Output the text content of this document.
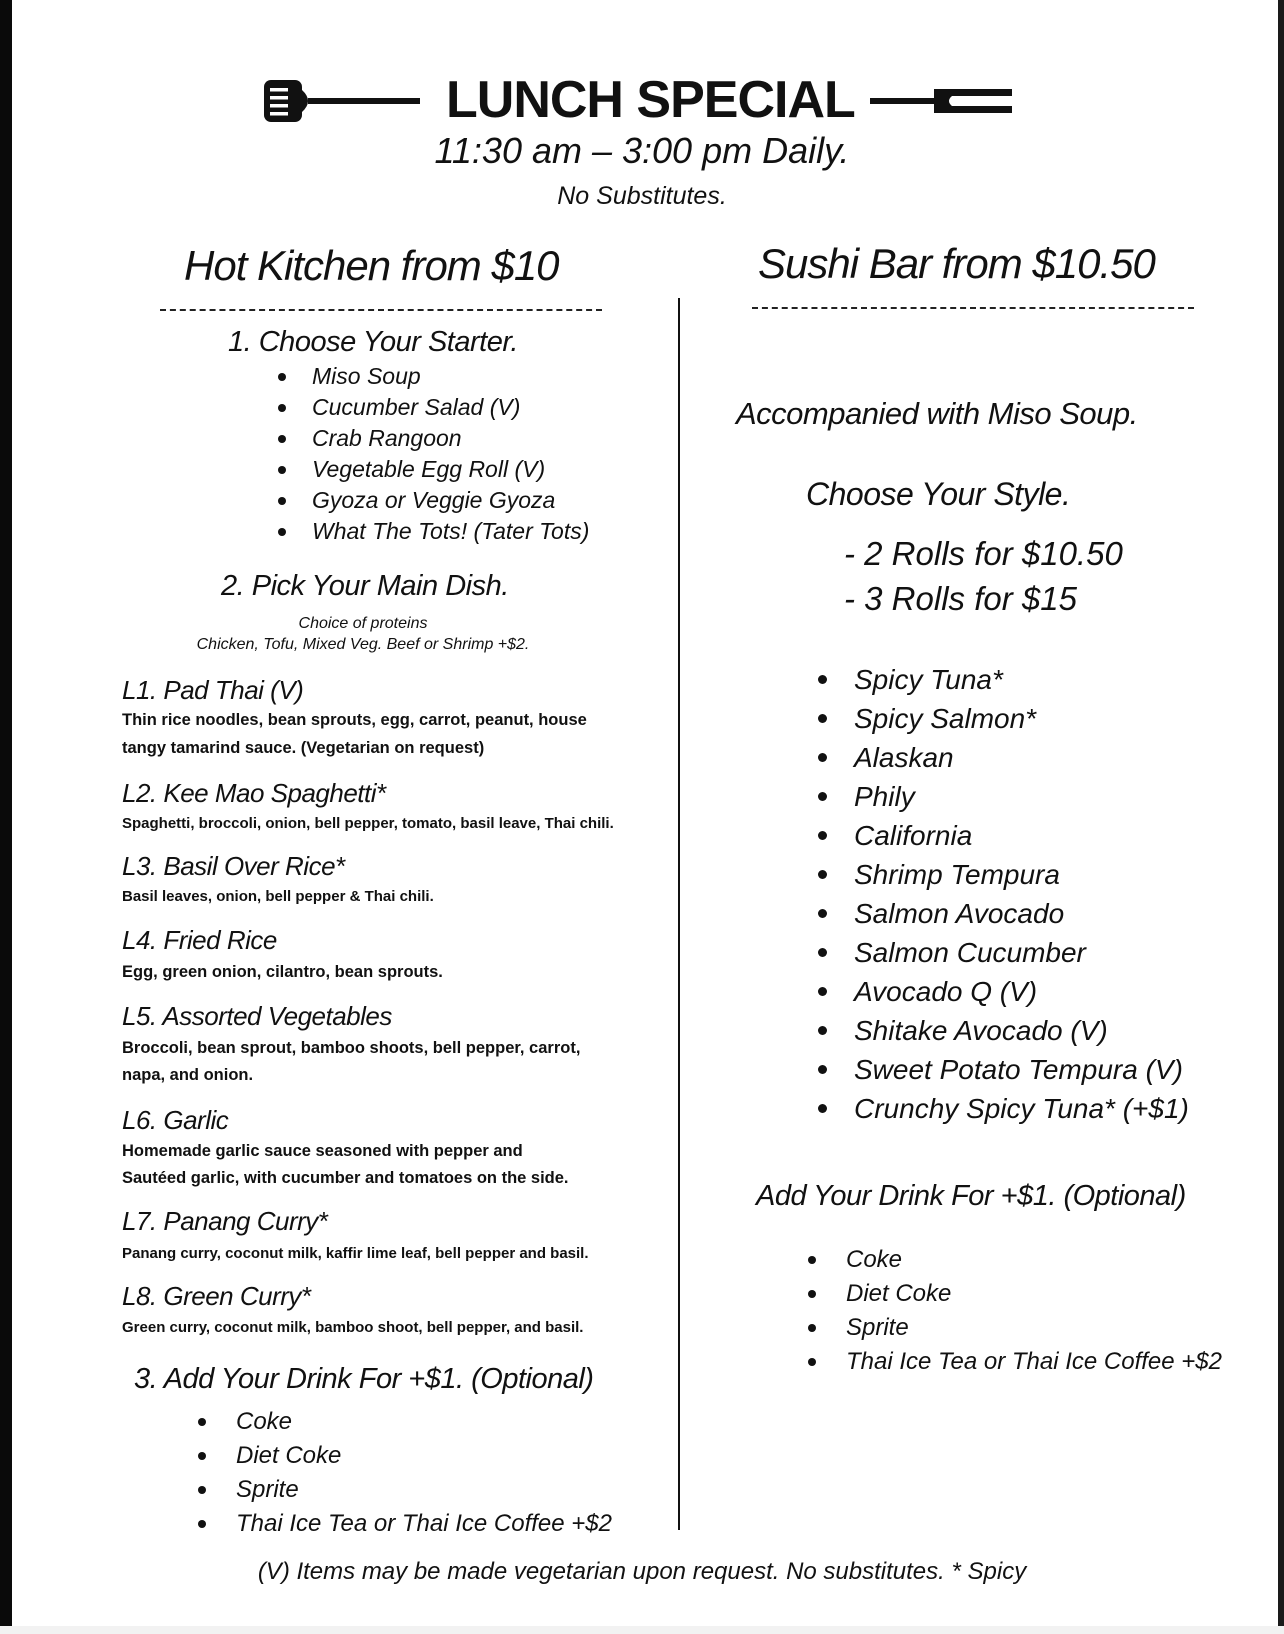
LUNCH SPECIAL
11:30 am – 3:00 pm Daily.
No Substitutes.
Hot Kitchen from $10
1. Choose Your Starter.
Miso Soup
Cucumber Salad (V)
Crab Rangoon
Vegetable Egg Roll (V)
Gyoza or Veggie Gyoza
What The Tots! (Tater Tots)
2. Pick Your Main Dish.
Choice of proteins
Chicken, Tofu, Mixed Veg. Beef or Shrimp +$2.
L1. Pad Thai (V)
Thin rice noodles, bean sprouts, egg, carrot, peanut, house
tangy tamarind sauce. (Vegetarian on request)
L2. Kee Mao Spaghetti*
Spaghetti, broccoli, onion, bell pepper, tomato, basil leave, Thai chili.
L3. Basil Over Rice*
Basil leaves, onion, bell pepper & Thai chili.
L4. Fried Rice
Egg, green onion, cilantro, bean sprouts.
L5. Assorted Vegetables
Broccoli, bean sprout, bamboo shoots, bell pepper, carrot,
napa, and onion.
L6. Garlic
Homemade garlic sauce seasoned with pepper and
Sautéed garlic, with cucumber and tomatoes on the side.
L7. Panang Curry*
Panang curry, coconut milk, kaffir lime leaf, bell pepper and basil.
L8. Green Curry*
Green curry, coconut milk, bamboo shoot, bell pepper, and basil.
3. Add Your Drink For +$1. (Optional)
Coke
Diet Coke
Sprite
Thai Ice Tea or Thai Ice Coffee +$2
Sushi Bar from $10.50
Accompanied with Miso Soup.
Choose Your Style.
- 2 Rolls for $10.50
- 3 Rolls for $15
Spicy Tuna*
Spicy Salmon*
Alaskan
Phily
California
Shrimp Tempura
Salmon Avocado
Salmon Cucumber
Avocado Q (V)
Shitake Avocado (V)
Sweet Potato Tempura (V)
Crunchy Spicy Tuna* (+$1)
Add Your Drink For +$1. (Optional)
Coke
Diet Coke
Sprite
Thai Ice Tea or Thai Ice Coffee +$2
(V) Items may be made vegetarian upon request. No substitutes. * Spicy
